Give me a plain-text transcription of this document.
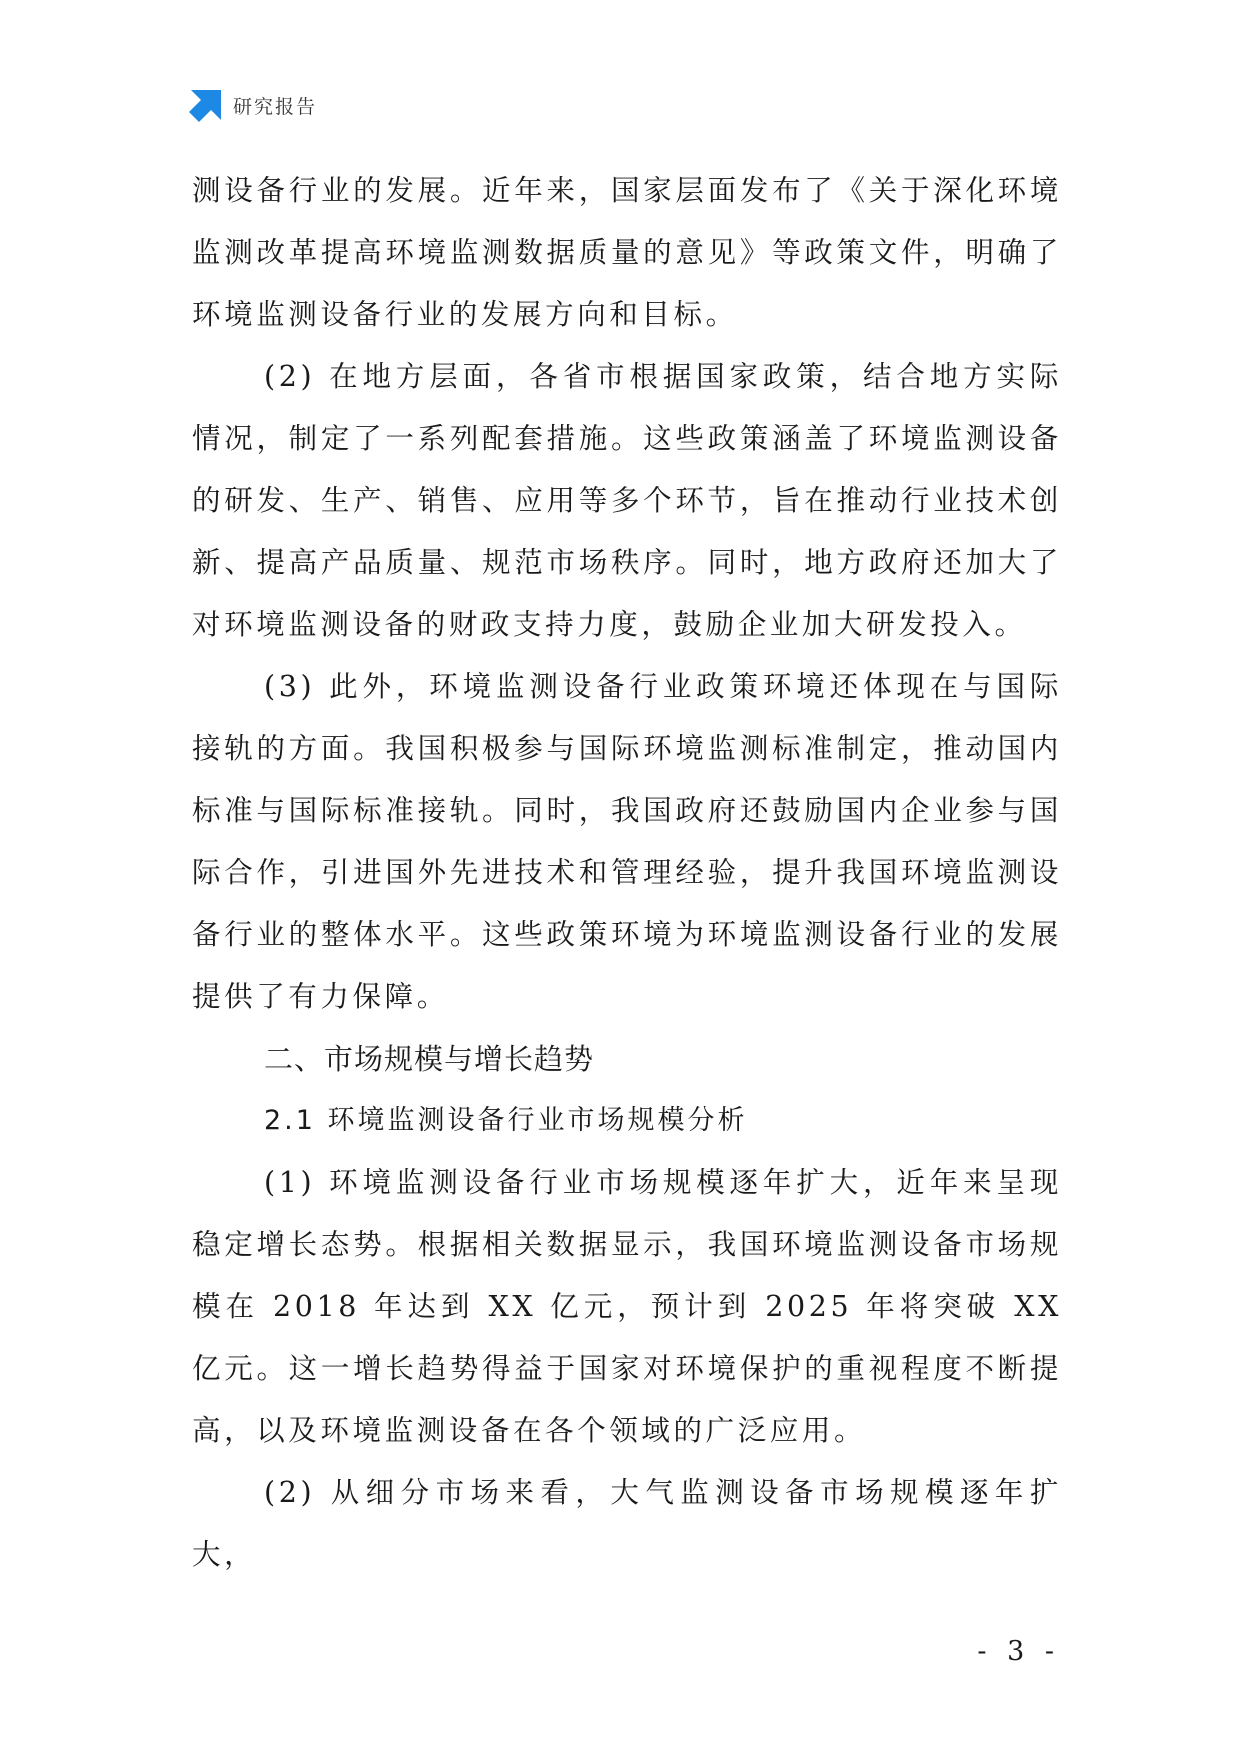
研究报告

测设备行业的发展。近年来，国家层面发布了《关于深化环境监测改革提高环境监测数据质量的意见》等政策文件，明确了环境监测设备行业的发展方向和目标。

(2) 在地方层面，各省市根据国家政策，结合地方实际情况，制定了一系列配套措施。这些政策涵盖了环境监测设备的研发、生产、销售、应用等多个环节，旨在推动行业技术创新、提高产品质量、规范市场秩序。同时，地方政府还加大了对环境监测设备的财政支持力度，鼓励企业加大研发投入。

(3) 此外，环境监测设备行业政策环境还体现在与国际接轨的方面。我国积极参与国际环境监测标准制定，推动国内标准与国际标准接轨。同时，我国政府还鼓励国内企业参与国际合作，引进国外先进技术和管理经验，提升我国环境监测设备行业的整体水平。这些政策环境为环境监测设备行业的发展提供了有力保障。

二、市场规模与增长趋势
2.1 环境监测设备行业市场规模分析

(1) 环境监测设备行业市场规模逐年扩大，近年来呈现稳定增长态势。根据相关数据显示，我国环境监测设备市场规模在 2018 年达到 XX 亿元，预计到 2025 年将突破 XX 亿元。这一增长趋势得益于国家对环境保护的重视程度不断提高，以及环境监测设备在各个领域的广泛应用。

(2) 从细分市场来看，大气监测设备市场规模逐年扩大，

- 3 -
